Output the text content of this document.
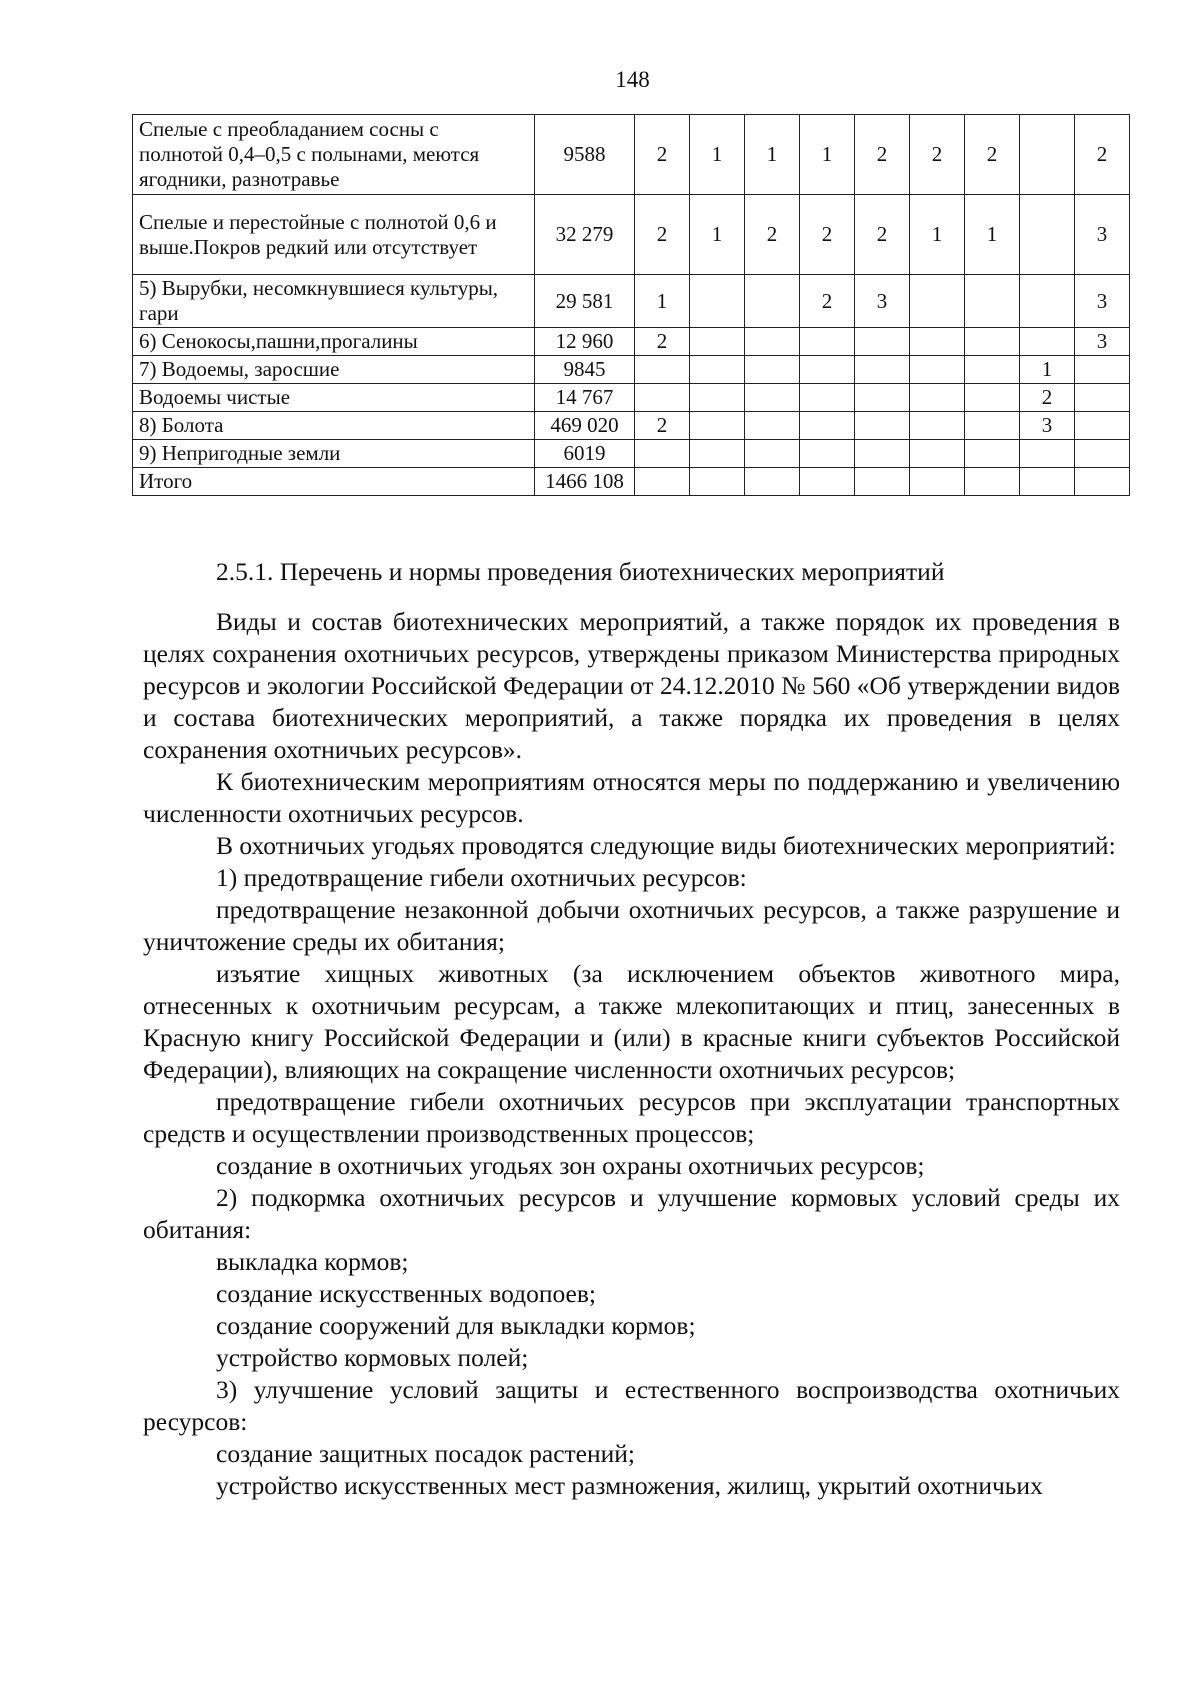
148
Спелые с преобладанием сосны с полнотой 0,4–0,5 с полынами, меются ягодники, разнотравье	9588	2	1	1	1	2	2	2		2
Спелые и перестойные с полнотой 0,6 и выше.Покров редкий или отсутствует	32 279	2	1	2	2	2	1	1		3
5) Вырубки, несомкнувшиеся культуры, гари	29 581	1			2	3				3
6) Сенокосы,пашни,прогалины	12 960	2								3
7) Водоемы, заросшие	9845								1	
Водоемы чистые	14 767								2	
8) Болота	469 020	2							3	
9) Непригодные земли	6019									
Итого	1466 108									
2.5.1. Перечень и нормы проведения биотехнических мероприятий

Виды и состав биотехнических мероприятий, а также порядок их проведения в целях сохранения охотничьих ресурсов, утверждены приказом Министерства природных ресурсов и экологии Российской Федерации от 24.12.2010 № 560 «Об утверждении видов и состава биотехнических мероприятий, а также порядка их проведения в целях сохранения охотничьих ресурсов».

К биотехническим мероприятиям относятся меры по поддержанию и увеличению численности охотничьих ресурсов.

В охотничьих угодьях проводятся следующие виды биотехнических мероприятий:

1) предотвращение гибели охотничьих ресурсов:

предотвращение незаконной добычи охотничьих ресурсов, а также разрушение и уничтожение среды их обитания;

изъятие хищных животных (за исключением объектов животного мира, отнесенных к охотничьим ресурсам, а также млекопитающих и птиц, занесенных в Красную книгу Российской Федерации и (или) в красные книги субъектов Российской Федерации), влияющих на сокращение численности охотничьих ресурсов;

предотвращение гибели охотничьих ресурсов при эксплуатации транспортных средств и осуществлении производственных процессов;

создание в охотничьих угодьях зон охраны охотничьих ресурсов;

2) подкормка охотничьих ресурсов и улучшение кормовых условий среды их обитания:

выкладка кормов;

создание искусственных водопоев;

создание сооружений для выкладки кормов;

устройство кормовых полей;

3) улучшение условий защиты и естественного воспроизводства охотничьих ресурсов:

создание защитных посадок растений;

устройство искусственных мест размножения, жилищ, укрытий охотничьих
